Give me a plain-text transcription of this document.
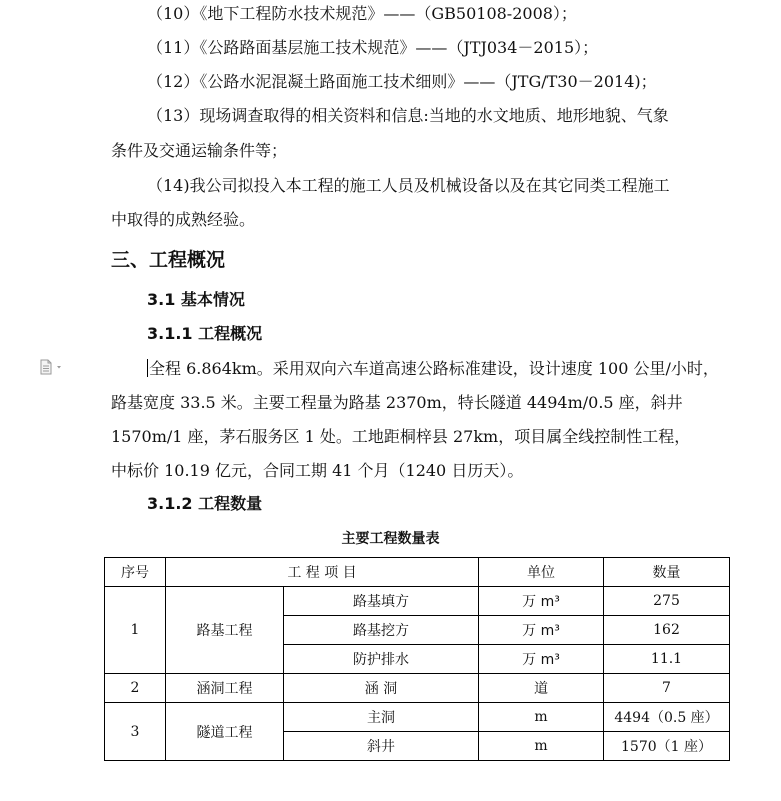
（10）《地下工程防水技术规范》——（GB50108-2008）；
（11）《公路路面基层施工技术规范》——（JTJ034－2015）；
（12）《公路水泥混凝土路面施工技术细则》——（JTG/T30－2014)；
（13）现场调查取得的相关资料和信息:当地的水文地质、地形地貌、气象
条件及交通运输条件等；
（14)我公司拟投入本工程的施工人员及机械设备以及在其它同类工程施工
中取得的成熟经验。
三、工程概况
3.1 基本情况
3.1.1 工程概况
全程 6.864km。采用双向六车道高速公路标准建设，设计速度 100 公里/小时，
路基宽度 33.5 米。主要工程量为路基 2370m，特长隧道 4494m/0.5 座，斜井
1570m/1 座，茅石服务区 1 处。工地距桐梓县 27km，项目属全线控制性工程，
中标价 10.19 亿元，合同工期 41 个月（1240 日历天）。
3.1.2 工程数量
主要工程数量表
序号	工 程 项 目		单位	数量
1	路基工程	路基填方	万 m³	275
		路基挖方	万 m³	162
		防护排水	万 m³	11.1
2	涵洞工程	涵 洞	道	7
3	隧道工程	主洞	m	4494（0.5 座）
		斜井	m	1570（1 座）
